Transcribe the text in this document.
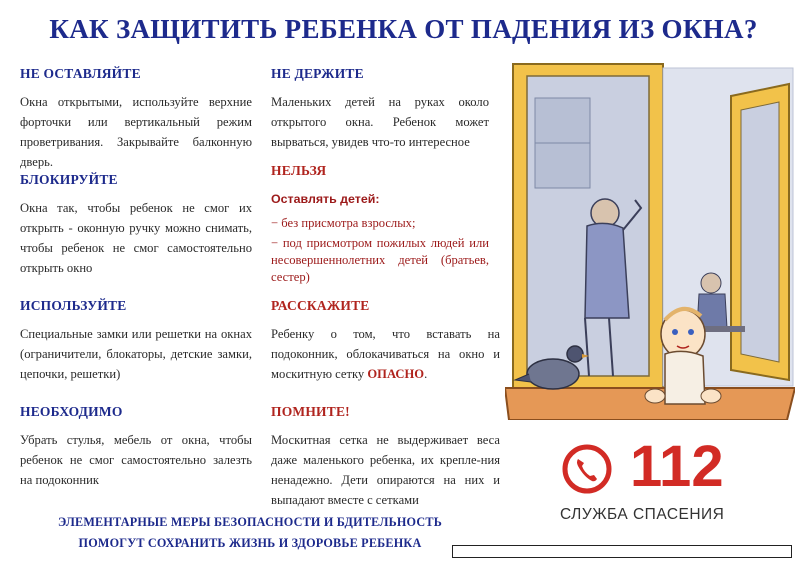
КАК ЗАЩИТИТЬ РЕБЕНКА ОТ ПАДЕНИЯ ИЗ ОКНА?
НЕ ОСТАВЛЯЙТЕ

Окна открытыми, используйте верхние форточки или вертикальный режим проветривания. Закрывайте балконную дверь.

БЛОКИРУЙТЕ

Окна так, чтобы ребенок не смог их открыть - оконную ручку можно снимать, чтобы ребенок не смог самостоятельно открыть окно

ИСПОЛЬЗУЙТЕ

Специальные замки или решетки на окнах (ограничители, блокаторы, детские замки, цепочки, решетки)

НЕОБХОДИМО

Убрать стулья, мебель от окна, чтобы ребенок не смог самостоятельно залезть на подоконник

НЕ ДЕРЖИТЕ

Маленьких детей на руках около открытого окна. Ребенок может вырваться, увидев что-то интересное

НЕЛЬЗЯ

Оставлять детей:

− без присмотра взрослых;

− под присмотром пожилых людей или несовершеннолетних детей (братьев, сестер)

РАССКАЖИТЕ

Ребенку о том, что вставать на подоконник, облокачиваться на окно и москитную сетку ОПАСНО.

ПОМНИТЕ!

Москитная сетка не выдерживает веса даже маленького ребенка, их крепле-ния ненадежно. Дети опираются на них и выпадают вместе с сетками

ЭЛЕМЕНТАРНЫЕ МЕРЫ БЕЗОПАСНОСТИ И БДИТЕЛЬНОСТЬ
ПОМОГУТ СОХРАНИТЬ ЖИЗНЬ И ЗДОРОВЬЕ РЕБЕНКА
112
СЛУЖБА СПАСЕНИЯ
